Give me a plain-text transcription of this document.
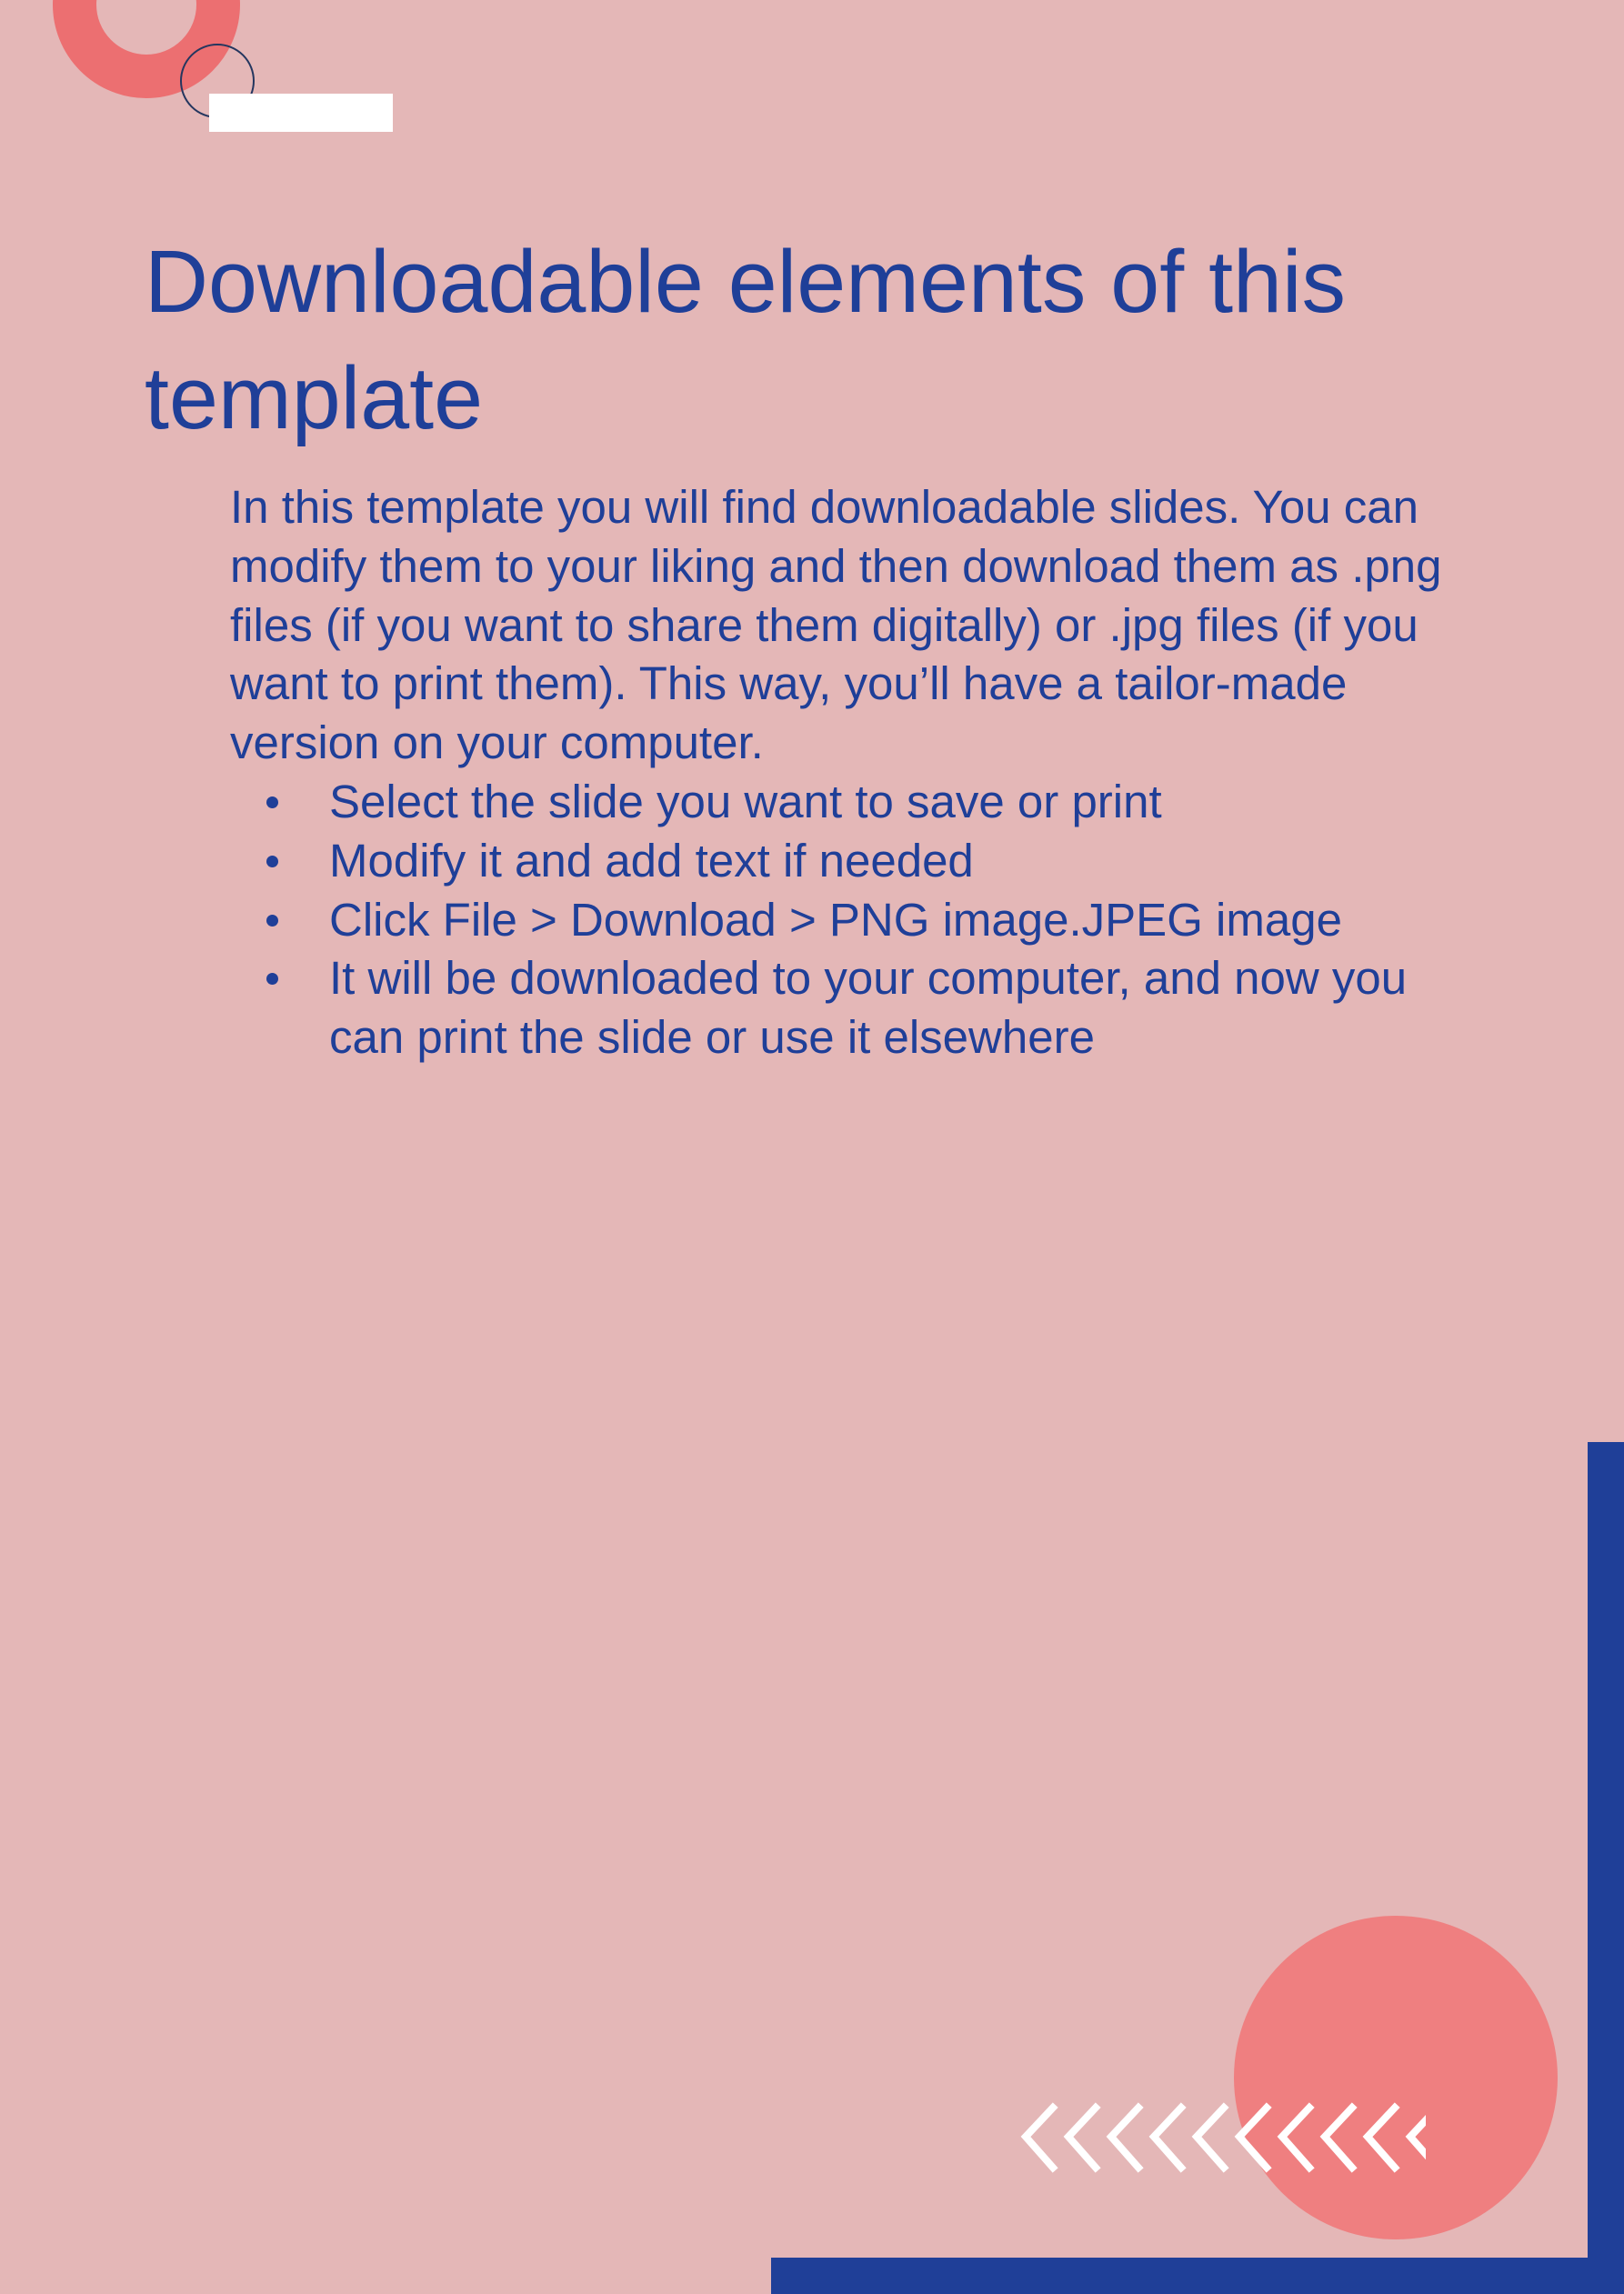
Downloadable elements of this template

In this template you will find downloadable slides. You can modify them to your liking and then download them as .png files (if you want to share them digitally) or .jpg files (if you want to print them). This way, you’ll have a tailor-made version on your computer.

Select the slide you want to save or print
Modify it and add text if needed
Click File > Download > PNG image.JPEG image
It will be downloaded to your computer, and now you can print the slide or use it elsewhere
